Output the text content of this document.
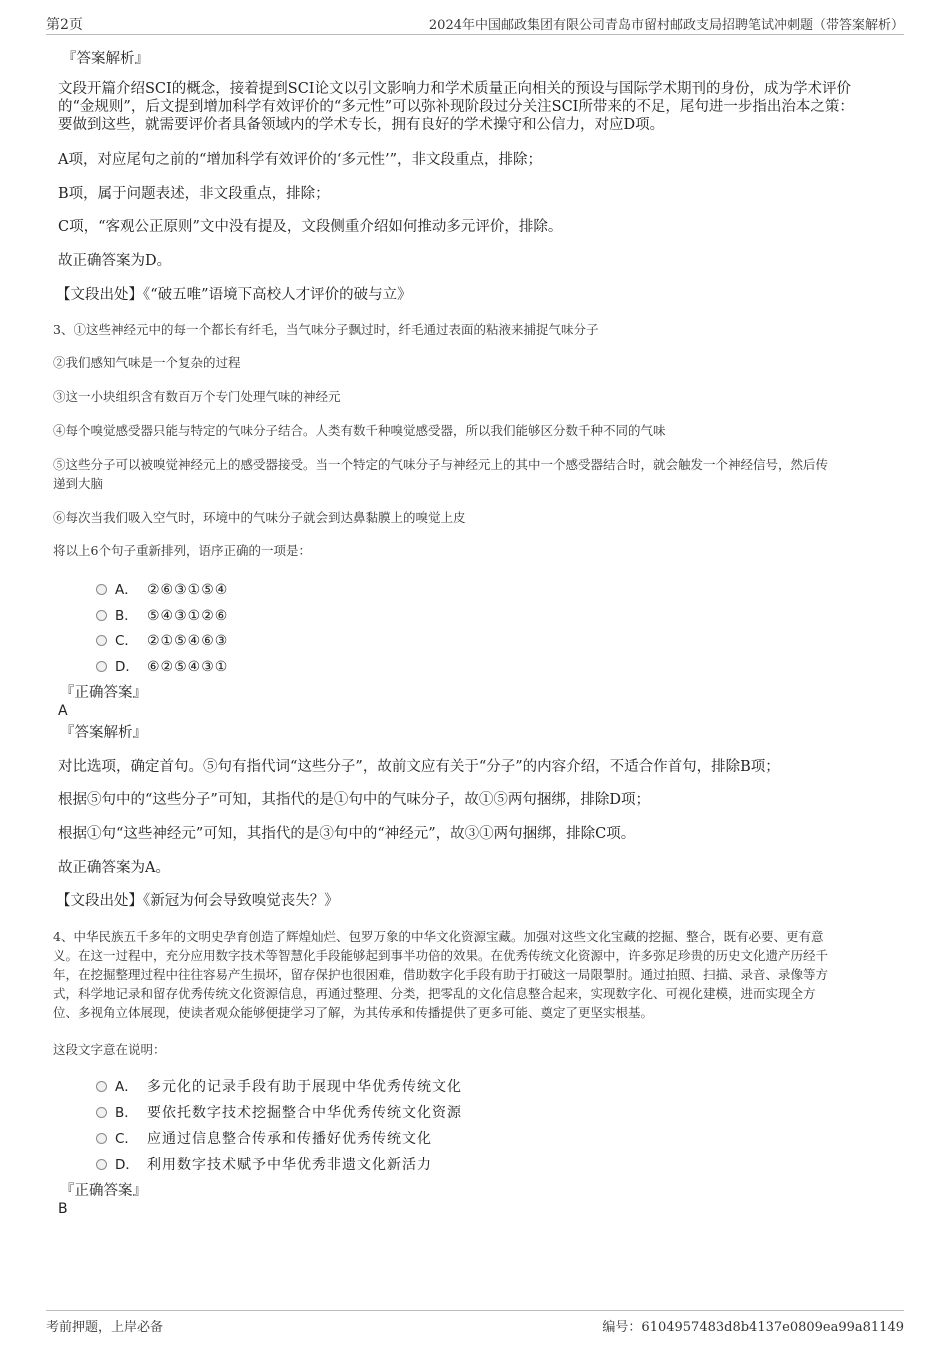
第2页	2024年中国邮政集团有限公司青岛市留村邮政支局招聘笔试冲刺题（带答案解析）
『答案解析』
文段开篇介绍SCI的概念，接着提到SCI论文以引文影响力和学术质量正向相关的预设与国际学术期刊的身份，成为学术评价
的“金规则”，后文提到增加科学有效评价的“多元性”可以弥补现阶段过分关注SCI所带来的不足，尾句进一步指出治本之策：
要做到这些，就需要评价者具备领域内的学术专长，拥有良好的学术操守和公信力，对应D项。
A项，对应尾句之前的“增加科学有效评价的‘多元性’”，非文段重点，排除；
B项，属于问题表述，非文段重点，排除；
C项，“客观公正原则”文中没有提及，文段侧重介绍如何推动多元评价，排除。
故正确答案为D。
【文段出处】《“破五唯”语境下高校人才评价的破与立》
3、①这些神经元中的每一个都长有纤毛，当气味分子飘过时，纤毛通过表面的粘液来捕捉气味分子
②我们感知气味是一个复杂的过程
③这一小块组织含有数百万个专门处理气味的神经元
④每个嗅觉感受器只能与特定的气味分子结合。人类有数千种嗅觉感受器，所以我们能够区分数千种不同的气味
⑤这些分子可以被嗅觉神经元上的感受器接受。当一个特定的气味分子与神经元上的其中一个感受器结合时，就会触发一个神经信号，然后传
递到大脑
⑥每次当我们吸入空气时，环境中的气味分子就会到达鼻黏膜上的嗅觉上皮
将以上6个句子重新排列，语序正确的一项是：
A． ②⑥③①⑤④
B． ⑤④③①②⑥
C． ②①⑤④⑥③
D． ⑥②⑤④③①
『正确答案』
A
『答案解析』
对比选项，确定首句。⑤句有指代词“这些分子”，故前文应有关于“分子”的内容介绍，不适合作首句，排除B项；
根据⑤句中的“这些分子”可知，其指代的是①句中的气味分子，故①⑤两句捆绑，排除D项；
根据①句“这些神经元”可知，其指代的是③句中的“神经元”，故③①两句捆绑，排除C项。
故正确答案为A。
【文段出处】《新冠为何会导致嗅觉丧失？》
4、中华民族五千多年的文明史孕育创造了辉煌灿烂、包罗万象的中华文化资源宝藏。加强对这些文化宝藏的挖掘、整合，既有必要、更有意
义。在这一过程中，充分应用数字技术等智慧化手段能够起到事半功倍的效果。在优秀传统文化资源中，许多弥足珍贵的历史文化遗产历经千
年，在挖掘整理过程中往往容易产生损坏，留存保护也很困难，借助数字化手段有助于打破这一局限掣肘。通过拍照、扫描、录音、录像等方
式，科学地记录和留存优秀传统文化资源信息，再通过整理、分类，把零乱的文化信息整合起来，实现数字化、可视化建模，进而实现全方
位、多视角立体展现，使读者观众能够便捷学习了解，为其传承和传播提供了更多可能、奠定了更坚实根基。
这段文字意在说明：
A． 多元化的记录手段有助于展现中华优秀传统文化
B． 要依托数字技术挖掘整合中华优秀传统文化资源
C． 应通过信息整合传承和传播好优秀传统文化
D． 利用数字技术赋予中华优秀非遗文化新活力
『正确答案』
B
考前押题，上岸必备	编号：6104957483d8b4137e0809ea99a81149
